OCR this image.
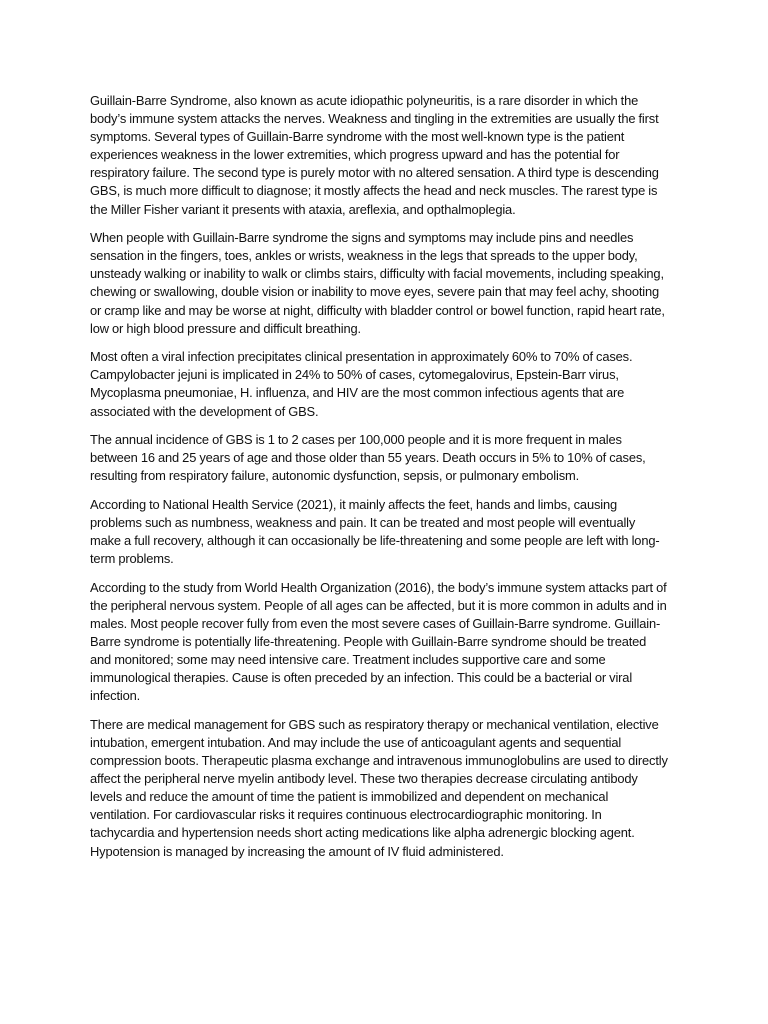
Guillain-Barre Syndrome, also known as acute idiopathic polyneuritis, is a rare disorder in which the body’s immune system attacks the nerves. Weakness and tingling in the extremities are usually the first symptoms. Several types of Guillain-Barre syndrome with the most well-known type is the patient experiences weakness in the lower extremities, which progress upward and has the potential for respiratory failure. The second type is purely motor with no altered sensation. A third type is descending GBS, is much more difficult to diagnose; it mostly affects the head and neck muscles. The rarest type is the Miller Fisher variant it presents with ataxia, areflexia, and opthalmoplegia.

When people with Guillain-Barre syndrome the signs and symptoms may include pins and needles sensation in the fingers, toes, ankles or wrists, weakness in the legs that spreads to the upper body, unsteady walking or inability to walk or climbs stairs, difficulty with facial movements, including speaking, chewing or swallowing, double vision or inability to move eyes, severe pain that may feel achy, shooting or cramp like and may be worse at night, difficulty with bladder control or bowel function, rapid heart rate, low or high blood pressure and difficult breathing.

Most often a viral infection precipitates clinical presentation in approximately 60% to 70% of cases. Campylobacter jejuni is implicated in 24% to 50% of cases, cytomegalovirus, Epstein-Barr virus, Mycoplasma pneumoniae, H. influenza, and HIV are the most common infectious agents that are associated with the development of GBS.

The annual incidence of GBS is 1 to 2 cases per 100,000 people and it is more frequent in males between 16 and 25 years of age and those older than 55 years. Death occurs in 5% to 10% of cases, resulting from respiratory failure, autonomic dysfunction, sepsis, or pulmonary embolism.

According to National Health Service (2021), it mainly affects the feet, hands and limbs, causing problems such as numbness, weakness and pain. It can be treated and most people will eventually make a full recovery, although it can occasionally be life-threatening and some people are left with long-term problems.

According to the study from World Health Organization (2016), the body’s immune system attacks part of the peripheral nervous system. People of all ages can be affected, but it is more common in adults and in males. Most people recover fully from even the most severe cases of Guillain-Barre syndrome. Guillain-Barre syndrome is potentially life-threatening. People with Guillain-Barre syndrome should be treated and monitored; some may need intensive care. Treatment includes supportive care and some immunological therapies. Cause is often preceded by an infection. This could be a bacterial or viral infection.

There are medical management for GBS such as respiratory therapy or mechanical ventilation, elective intubation, emergent intubation. And may include the use of anticoagulant agents and sequential compression boots. Therapeutic plasma exchange and intravenous immunoglobulins are used to directly affect the peripheral nerve myelin antibody level. These two therapies decrease circulating antibody levels and reduce the amount of time the patient is immobilized and dependent on mechanical ventilation. For cardiovascular risks it requires continuous electrocardiographic monitoring. In tachycardia and hypertension needs short acting medications like alpha adrenergic blocking agent. Hypotension is managed by increasing the amount of IV fluid administered.
